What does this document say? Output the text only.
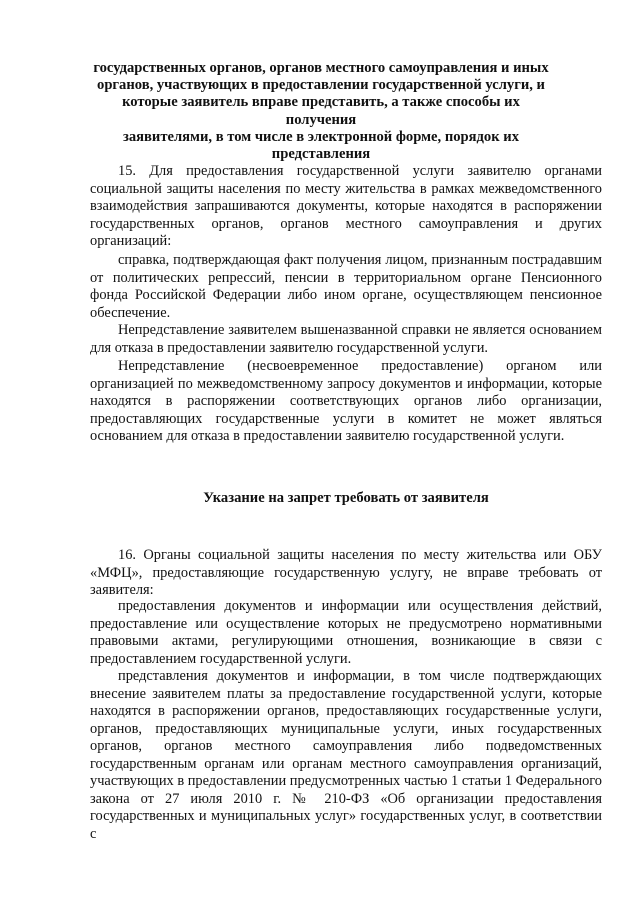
государственных органов, органов местного самоуправления и иных
органов, участвующих в предоставлении государственной услуги, и
которые заявитель вправе представить, а также способы их получения
заявителями, в том числе в электронной форме, порядок их
представления

15. Для предоставления государственной услуги заявителю органами социальной защиты населения по месту жительства в рамках межведомственного взаимодействия запрашиваются документы, которые находятся в распоряжении государственных органов, органов местного самоуправления и других организаций:

справка, подтверждающая факт получения лицом, признанным пострадавшим от политических репрессий, пенсии в территориальном органе Пенсионного фонда Российской Федерации либо ином органе, осуществляющем пенсионное обеспечение.

Непредставление заявителем вышеназванной справки не является основанием для отказа в предоставлении заявителю государственной услуги.

Непредставление (несвоевременное предоставление) органом или организацией по межведомственному запросу документов и информации, которые находятся в распоряжении соответствующих органов либо организации, предоставляющих государственные услуги в комитет не может являться основанием для отказа в предоставлении заявителю государственной услуги.

Указание на запрет требовать от заявителя

16. Органы социальной защиты населения по месту жительства или ОБУ «МФЦ», предоставляющие государственную услугу, не вправе требовать от заявителя:

предоставления документов и информации или осуществления действий, предоставление или осуществление которых не предусмотрено нормативными правовыми актами, регулирующими отношения, возникающие в связи с предоставлением государственной услуги.

представления документов и информации, в том числе подтверждающих внесение заявителем платы за предоставление государственной услуги, которые находятся в распоряжении органов, предоставляющих государственные услуги, органов, предоставляющих муниципальные услуги, иных государственных органов, органов местного самоуправления либо подведомственных государственным органам или органам местного самоуправления организаций, участвующих в предоставлении предусмотренных частью 1 статьи 1 Федерального закона от 27 июля 2010 г. № 210-ФЗ «Об организации предоставления государственных и муниципальных услуг» государственных услуг, в соответствии с
